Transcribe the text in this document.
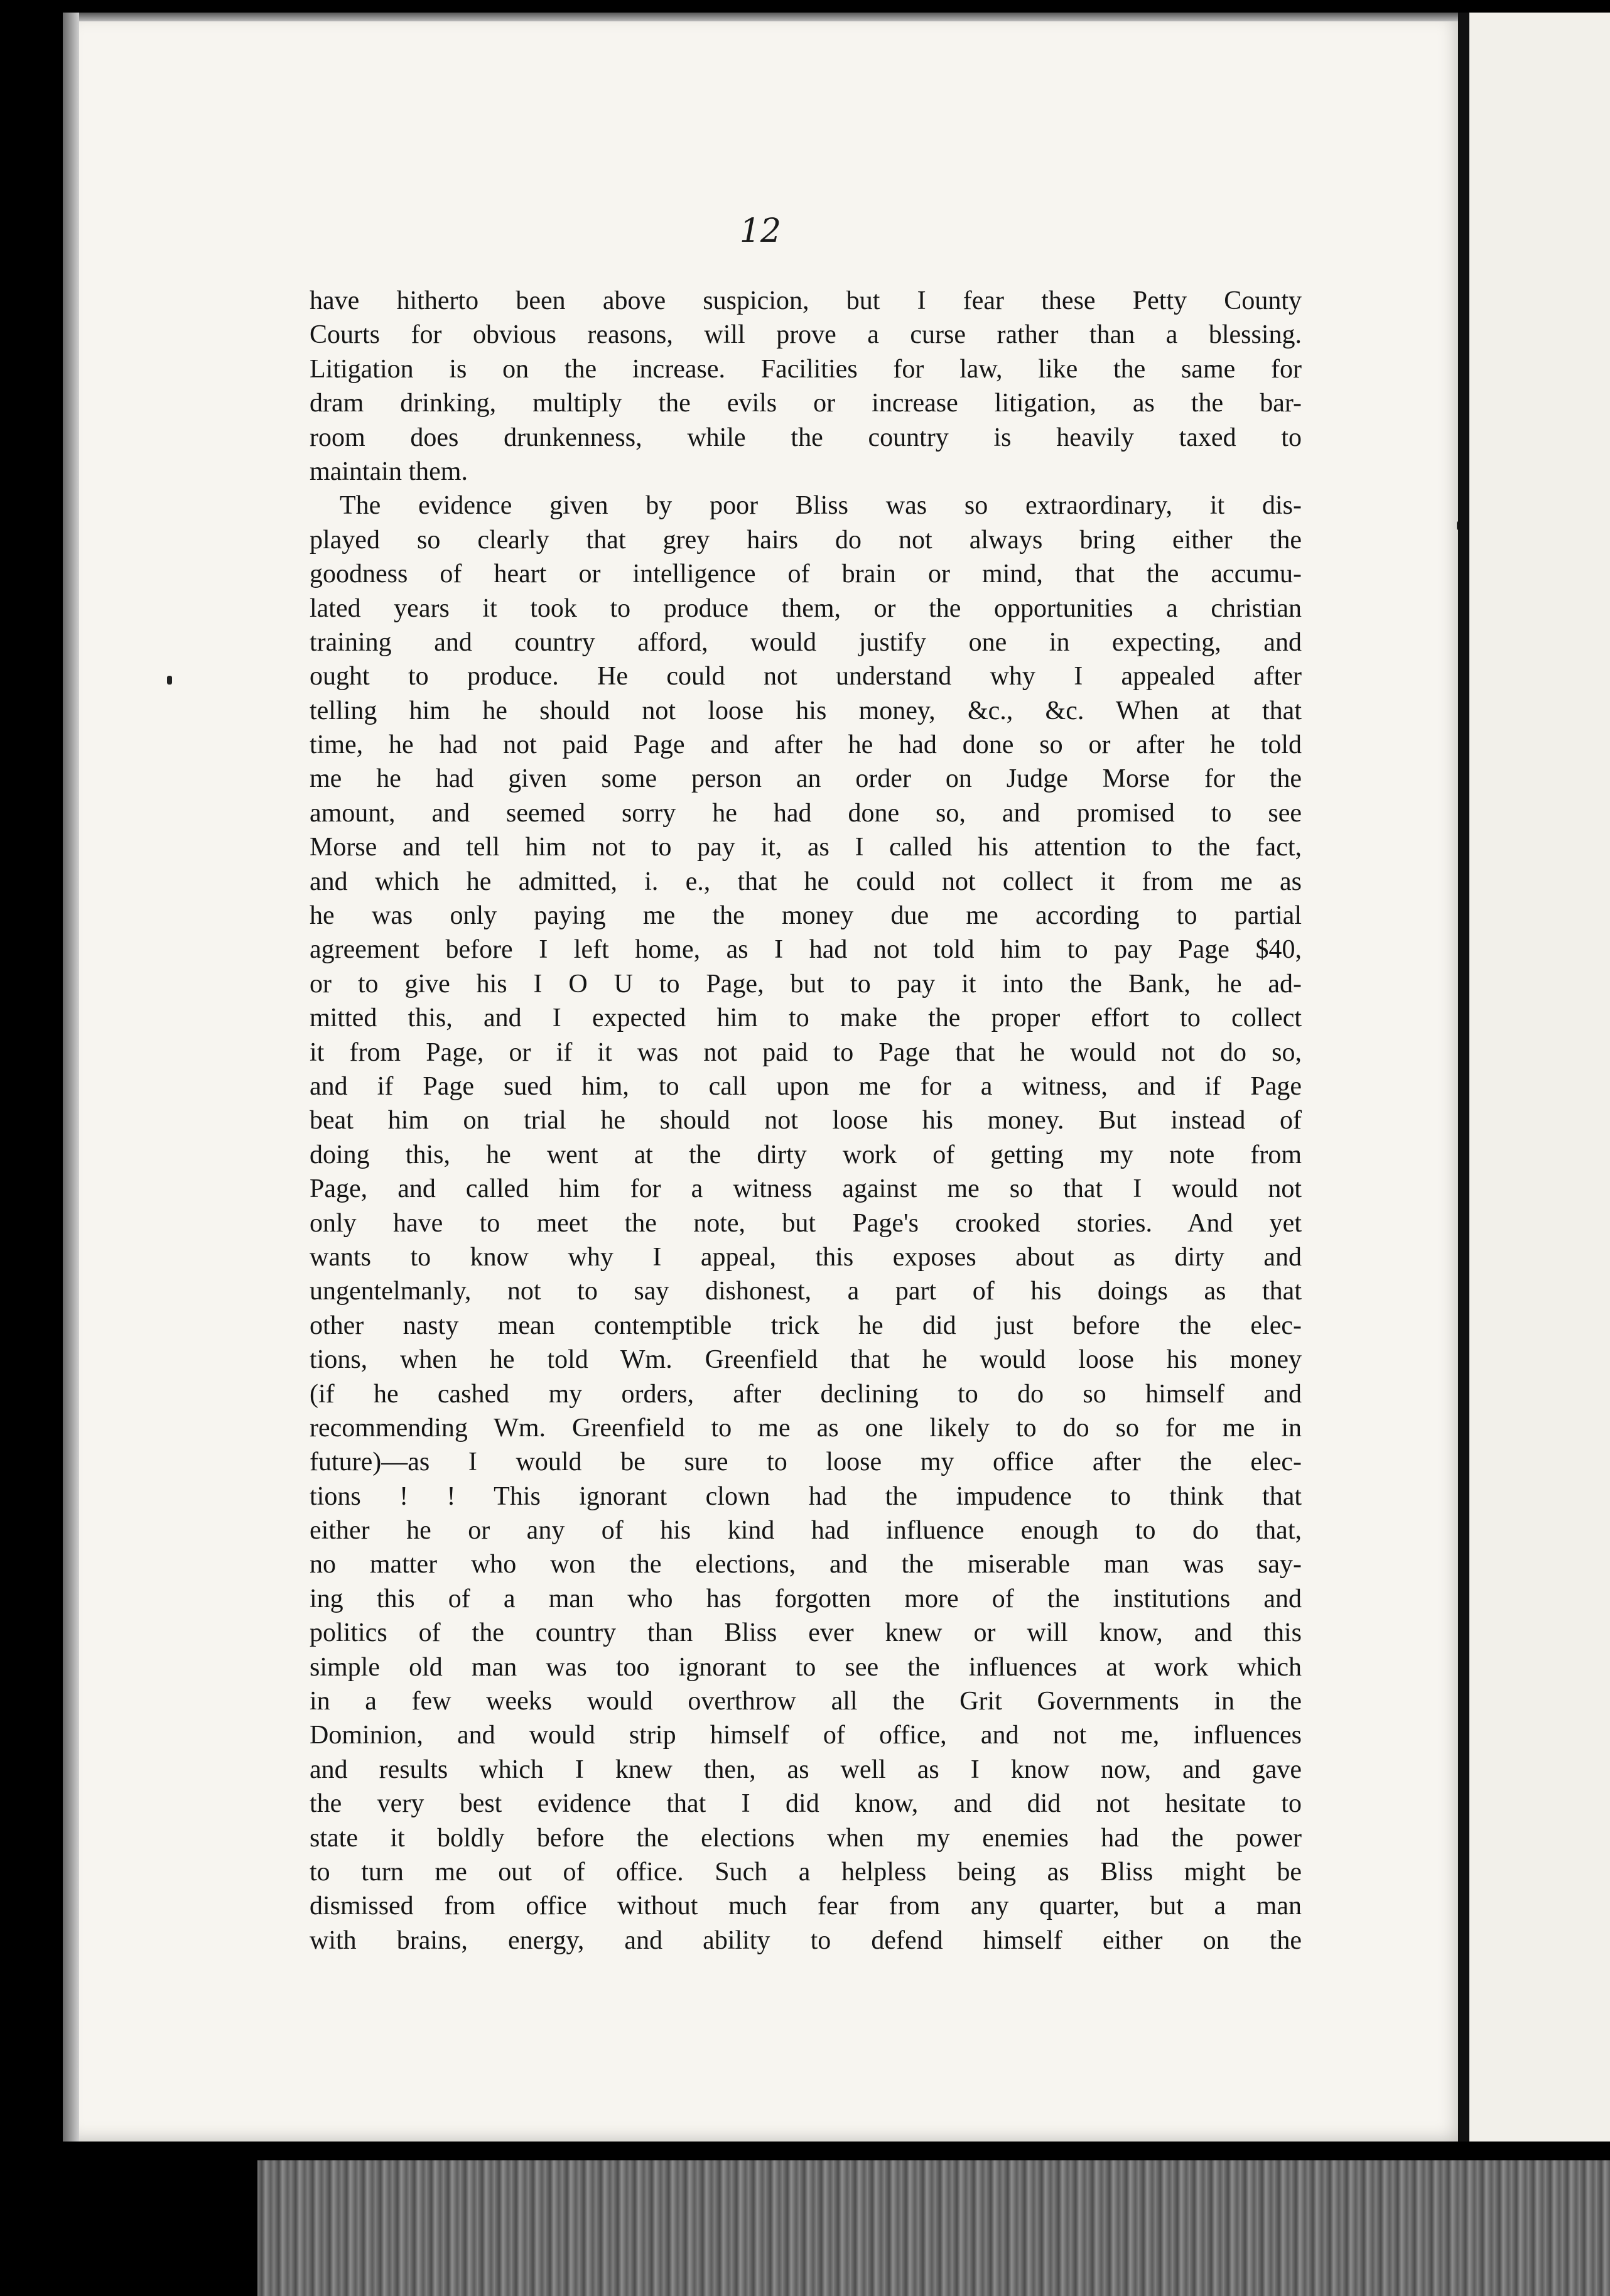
12
have hitherto been above suspicion, but I fear these Petty County
Courts for obvious reasons, will prove a curse rather than a blessing.
Litigation is on the increase. Facilities for law, like the same for
dram drinking, multiply the evils or increase litigation, as the bar-
room does drunkenness, while the country is heavily taxed to
maintain them.
The evidence given by poor Bliss was so extraordinary, it dis-
played so clearly that grey hairs do not always bring either the
goodness of heart or intelligence of brain or mind, that the accumu-
lated years it took to produce them, or the opportunities a christian
training and country afford, would justify one in expecting, and
ought to produce. He could not understand why I appealed after
telling him he should not loose his money, &c., &c. When at that
time, he had not paid Page and after he had done so or after he told
me he had given some person an order on Judge Morse for the
amount, and seemed sorry he had done so, and promised to see
Morse and tell him not to pay it, as I called his attention to the fact,
and which he admitted, i. e., that he could not collect it from me as
he was only paying me the money due me according to partial
agreement before I left home, as I had not told him to pay Page $40,
or to give his I O U to Page, but to pay it into the Bank, he ad-
mitted this, and I expected him to make the proper effort to collect
it from Page, or if it was not paid to Page that he would not do so,
and if Page sued him, to call upon me for a witness, and if Page
beat him on trial he should not loose his money. But instead of
doing this, he went at the dirty work of getting my note from
Page, and called him for a witness against me so that I would not
only have to meet the note, but Page's crooked stories. And yet
wants to know why I appeal, this exposes about as dirty and
ungentelmanly, not to say dishonest, a part of his doings as that
other nasty mean contemptible trick he did just before the elec-
tions, when he told Wm. Greenfield that he would loose his money
(if he cashed my orders, after declining to do so himself and
recommending Wm. Greenfield to me as one likely to do so for me in
future)—as I would be sure to loose my office after the elec-
tions ! ! This ignorant clown had the impudence to think that
either he or any of his kind had influence enough to do that,
no matter who won the elections, and the miserable man was say-
ing this of a man who has forgotten more of the institutions and
politics of the country than Bliss ever knew or will know, and this
simple old man was too ignorant to see the influences at work which
in a few weeks would overthrow all the Grit Governments in the
Dominion, and would strip himself of office, and not me, influences
and results which I knew then, as well as I know now, and gave
the very best evidence that I did know, and did not hesitate to
state it boldly before the elections when my enemies had the power
to turn me out of office. Such a helpless being as Bliss might be
dismissed from office without much fear from any quarter, but a man
with brains, energy, and ability to defend himself either on the
